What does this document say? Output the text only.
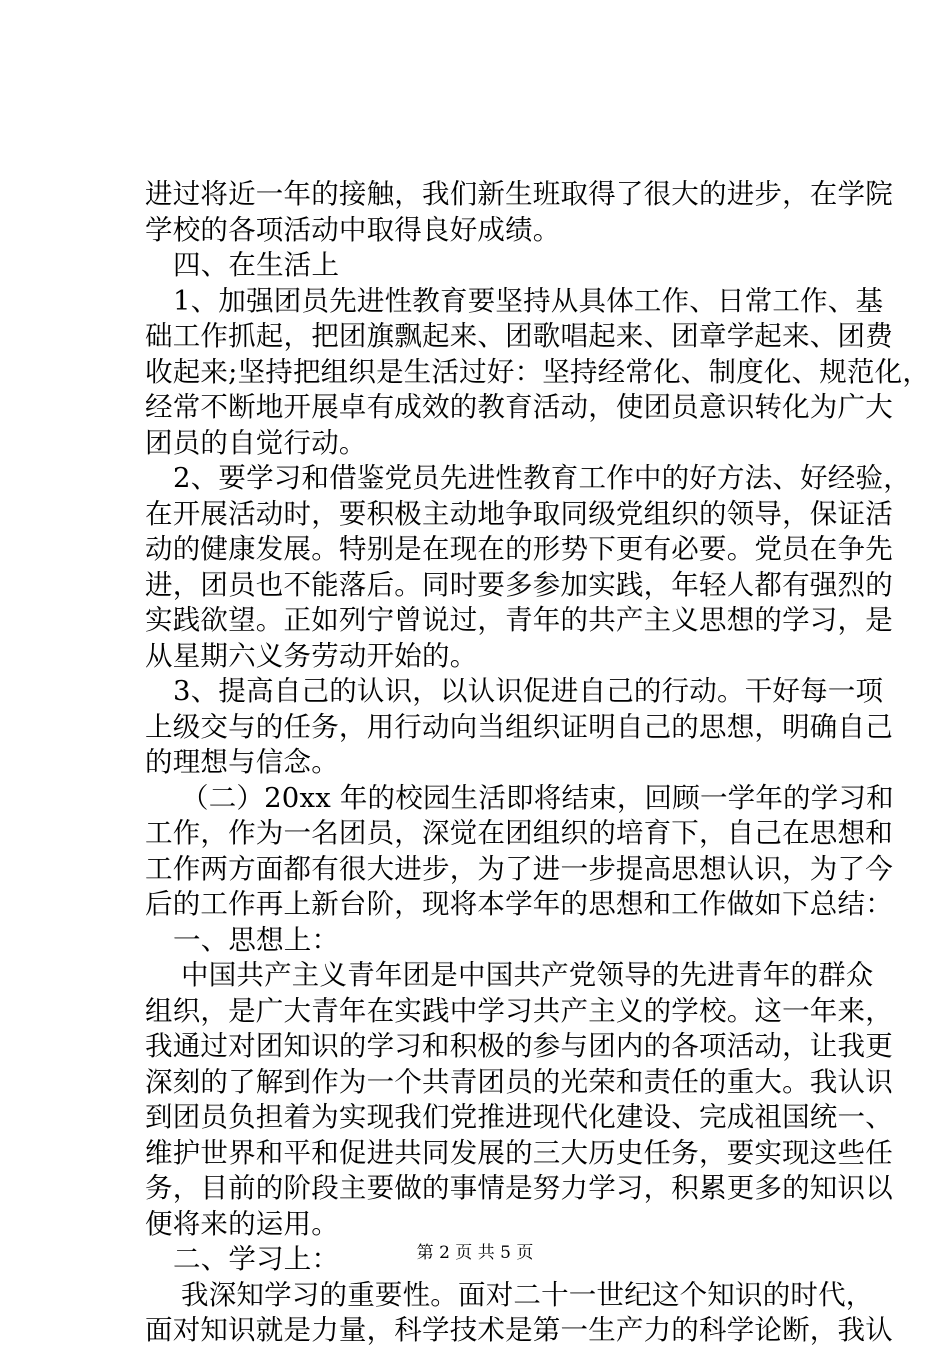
进过将近一年的接触，我们新生班取得了很大的进步，在学院
学校的各项活动中取得良好成绩。
四、在生活上
1、加强团员先进性教育要坚持从具体工作、日常工作、基
础工作抓起，把团旗飘起来、团歌唱起来、团章学起来、团费
收起来;坚持把组织是生活过好：坚持经常化、制度化、规范化，
经常不断地开展卓有成效的教育活动，使团员意识转化为广大
团员的自觉行动。
2、要学习和借鉴党员先进性教育工作中的好方法、好经验，
在开展活动时，要积极主动地争取同级党组织的领导，保证活
动的健康发展。特别是在现在的形势下更有必要。党员在争先
进，团员也不能落后。同时要多参加实践，年轻人都有强烈的
实践欲望。正如列宁曾说过，青年的共产主义思想的学习，是
从星期六义务劳动开始的。
3、提高自己的认识，以认识促进自己的行动。干好每一项
上级交与的任务，用行动向当组织证明自己的思想，明确自己
的理想与信念。
（二）20xx 年的校园生活即将结束，回顾一学年的学习和
工作，作为一名团员，深觉在团组织的培育下，自己在思想和
工作两方面都有很大进步，为了进一步提高思想认识，为了今
后的工作再上新台阶，现将本学年的思想和工作做如下总结：
一、思想上：
中国共产主义青年团是中国共产党领导的先进青年的群众
组织，是广大青年在实践中学习共产主义的学校。这一年来，
我通过对团知识的学习和积极的参与团内的各项活动，让我更
深刻的了解到作为一个共青团员的光荣和责任的重大。我认识
到团员负担着为实现我们党推进现代化建设、完成祖国统一、
维护世界和平和促进共同发展的三大历史任务，要实现这些任
务，目前的阶段主要做的事情是努力学习，积累更多的知识以
便将来的运用。
二、学习上：
我深知学习的重要性。面对二十一世纪这个知识的时代，
面对知识就是力量，科学技术是第一生产力的科学论断，我认
第 2 页 共 5 页
